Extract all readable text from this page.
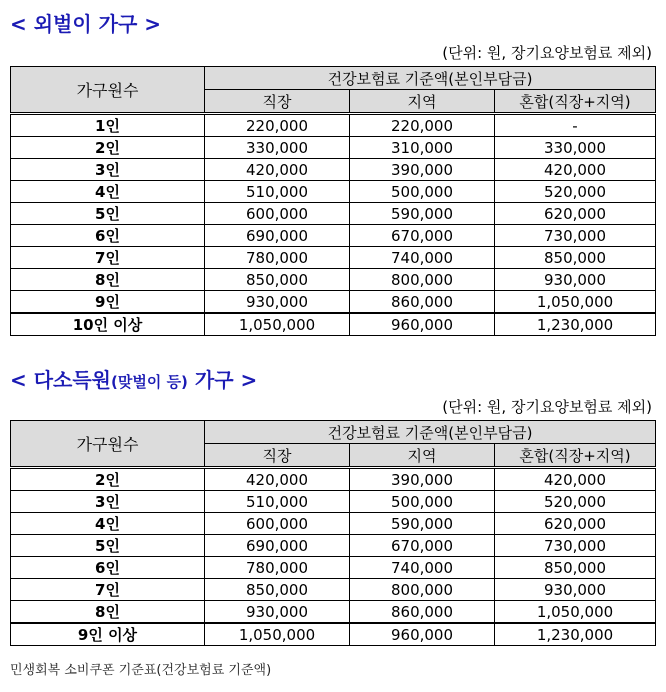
< 외벌이 가구 >
(단위: 원, 장기요양보험료 제외)
가구원수	건강보험료 기준액(본인부담금)		
	직장	지역	혼합(직장+지역)
1인	220,000	220,000	-
2인	330,000	310,000	330,000
3인	420,000	390,000	420,000
4인	510,000	500,000	520,000
5인	600,000	590,000	620,000
6인	690,000	670,000	730,000
7인	780,000	740,000	850,000
8인	850,000	800,000	930,000
9인	930,000	860,000	1,050,000
10인 이상	1,050,000	960,000	1,230,000
< 다소득원(맞벌이 등) 가구 >
(단위: 원, 장기요양보험료 제외)
가구원수	건강보험료 기준액(본인부담금)		
	직장	지역	혼합(직장+지역)
2인	420,000	390,000	420,000
3인	510,000	500,000	520,000
4인	600,000	590,000	620,000
5인	690,000	670,000	730,000
6인	780,000	740,000	850,000
7인	850,000	800,000	930,000
8인	930,000	860,000	1,050,000
9인 이상	1,050,000	960,000	1,230,000
민생회복 소비쿠폰 기준표(건강보험료 기준액)
